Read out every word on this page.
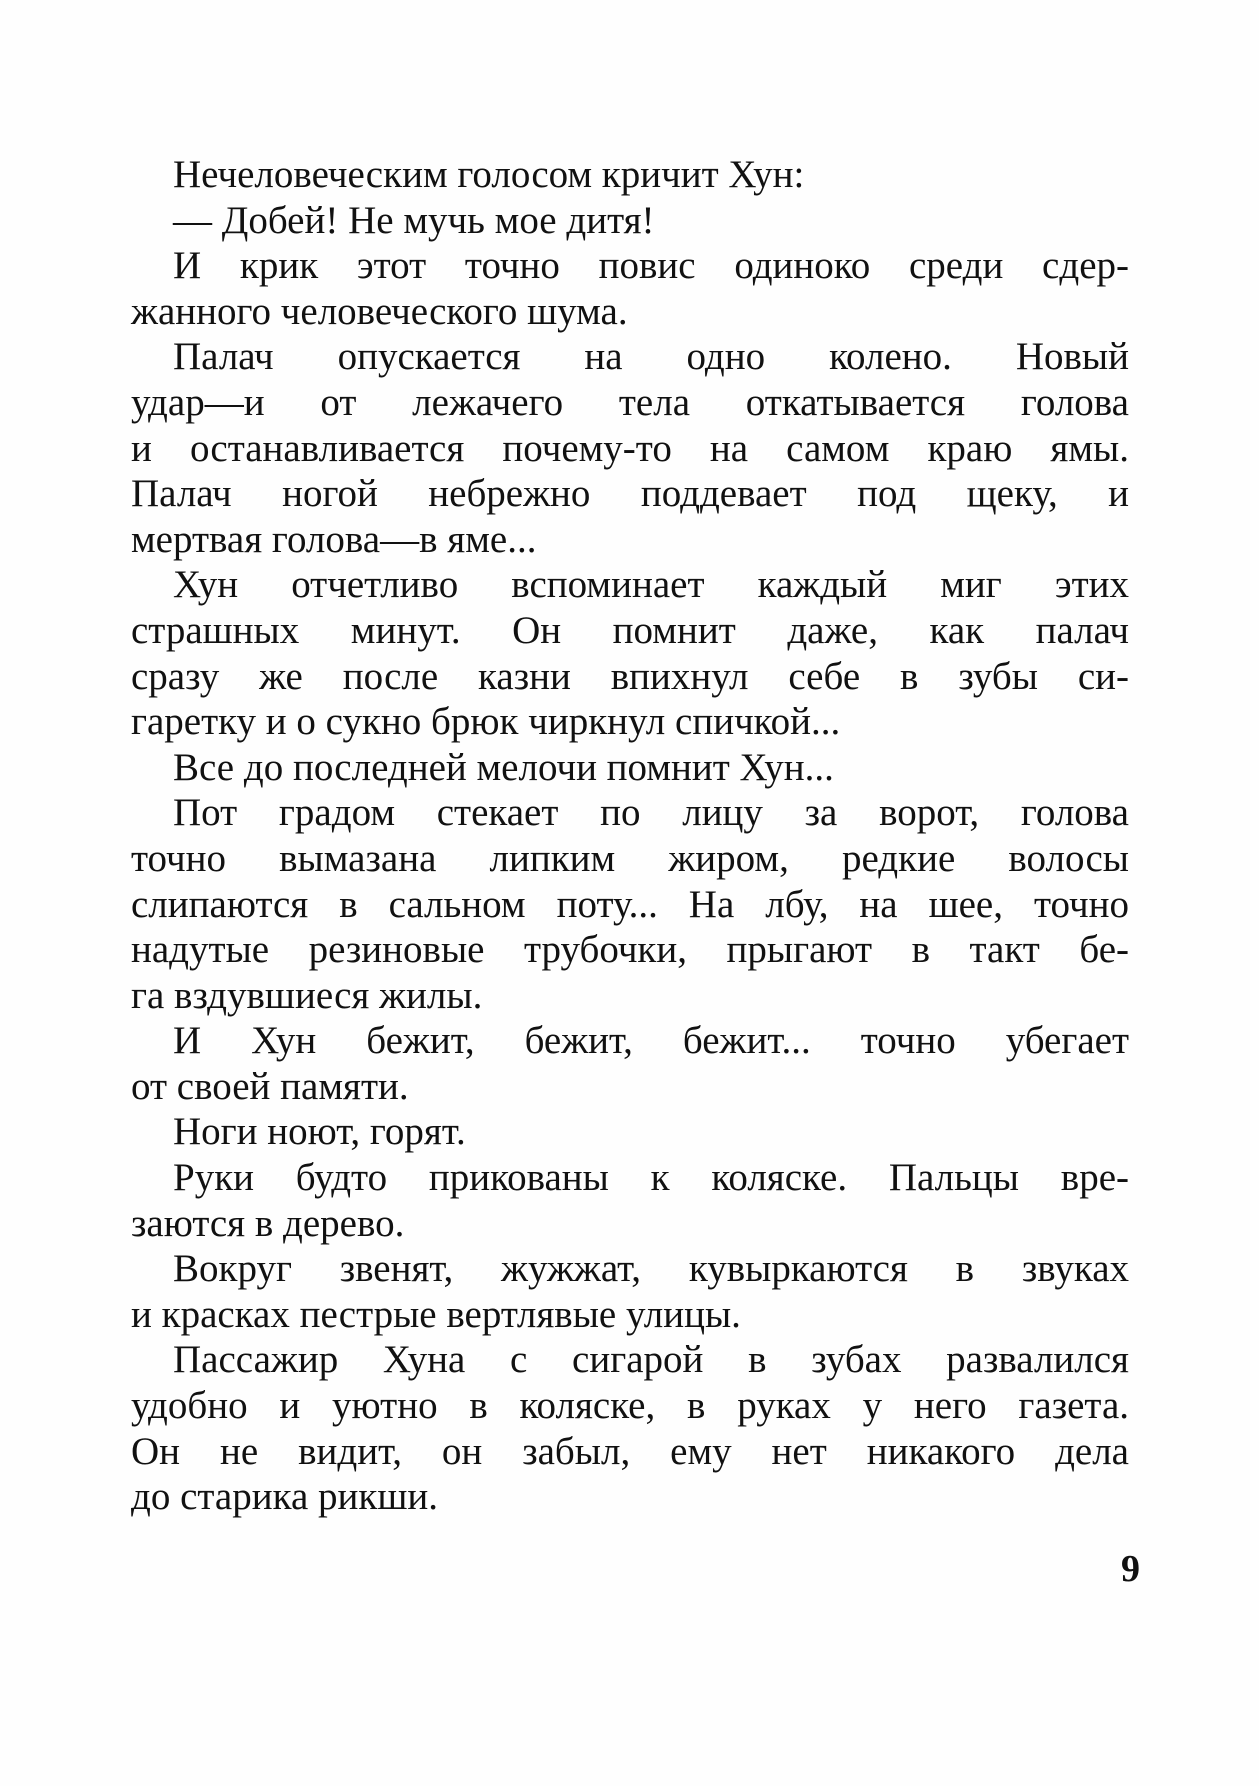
Нечеловеческим голосом кричит Хун:
— Добей! Не мучь мое дитя!
И крик этот точно повис одиноко среди сдер-
жанного человеческого шума.
Палач опускается на одно колено. Новый
удар—и от лежачего тела откатывается голова
и останавливается почему-то на самом краю ямы.
Палач ногой небрежно поддевает под щеку, и
мертвая голова—в яме...
Хун отчетливо вспоминает каждый миг этих
страшных минут. Он помнит даже, как палач
сразу же после казни впихнул себе в зубы си-
гаретку и о сукно брюк чиркнул спичкой...
Все до последней мелочи помнит Хун...
Пот градом стекает по лицу за ворот, голова
точно вымазана липким жиром, редкие волосы
слипаются в сальном поту... На лбу, на шее, точно
надутые резиновые трубочки, прыгают в такт бе-
га вздувшиеся жилы.
И Хун бежит, бежит, бежит... точно убегает
от своей памяти.
Ноги ноют, горят.
Руки будто прикованы к коляске. Пальцы вре-
заются в дерево.
Вокруг звенят, жужжат, кувыркаются в звуках
и красках пестрые вертлявые улицы.
Пассажир Хуна с сигарой в зубах развалился
удобно и уютно в коляске, в руках у него газета.
Он не видит, он забыл, ему нет никакого дела
до старика рикши.
9
